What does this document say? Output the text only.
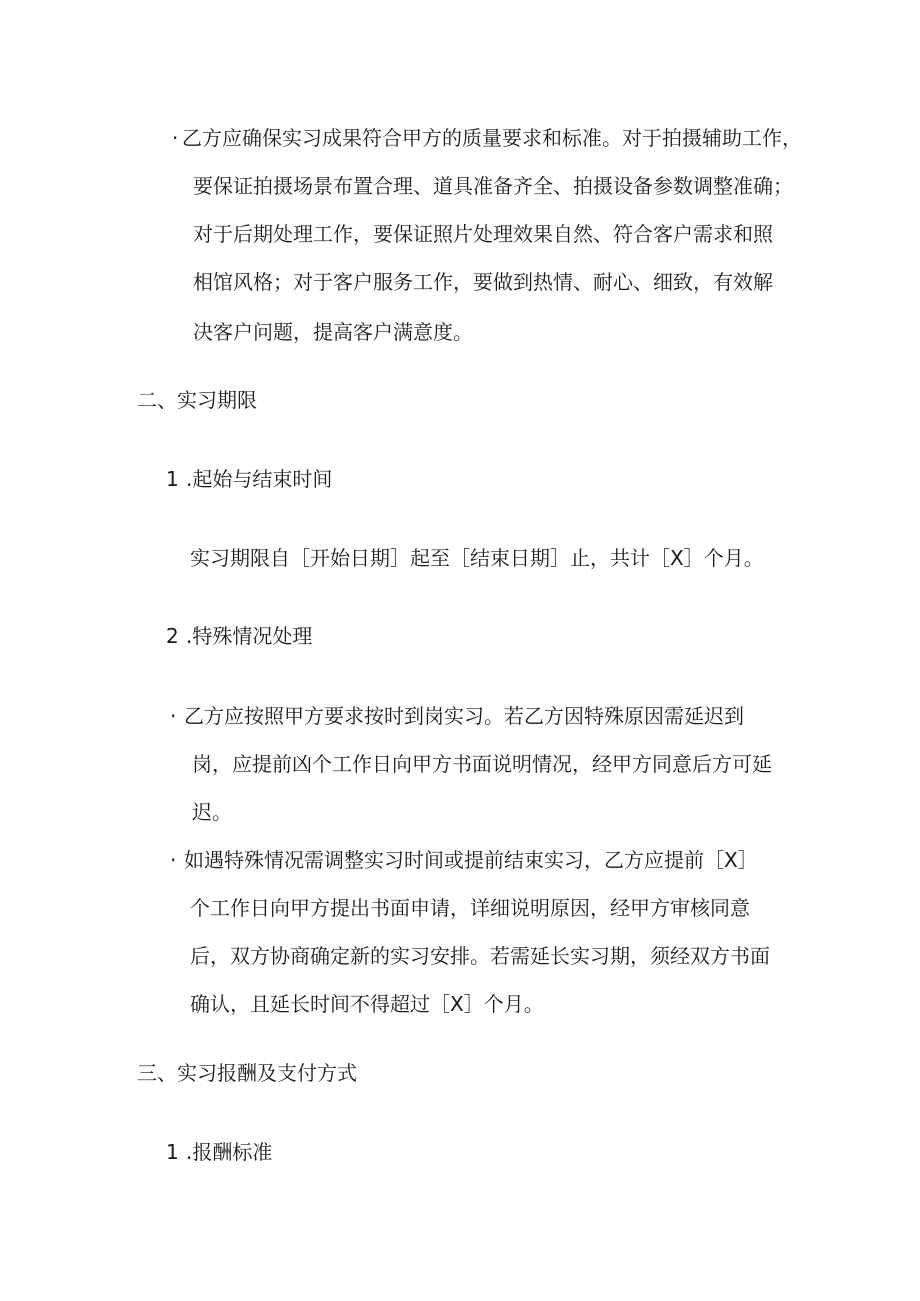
· 乙方应确保实习成果符合甲方的质量要求和标准。对于拍摄辅助工作，
要保证拍摄场景布置合理、道具准备齐全、拍摄设备参数调整准确；
对于后期处理工作，要保证照片处理效果自然、符合客户需求和照
相馆风格；对于客户服务工作，要做到热情、耐心、细致，有效解
决客户问题，提高客户满意度。
二、实习期限
1 .起始与结束时间
实习期限自［开始日期］起至［结束日期］止，共计［X］个月。
2 .特殊情况处理
· 乙方应按照甲方要求按时到岗实习。若乙方因特殊原因需延迟到
岗，应提前凶个工作日向甲方书面说明情况，经甲方同意后方可延
迟。
· 如遇特殊情况需调整实习时间或提前结束实习，乙方应提前［X］
个工作日向甲方提出书面申请，详细说明原因，经甲方审核同意
后，双方协商确定新的实习安排。若需延长实习期，须经双方书面
确认，且延长时间不得超过［X］个月。
三、实习报酬及支付方式
1 .报酬标准
